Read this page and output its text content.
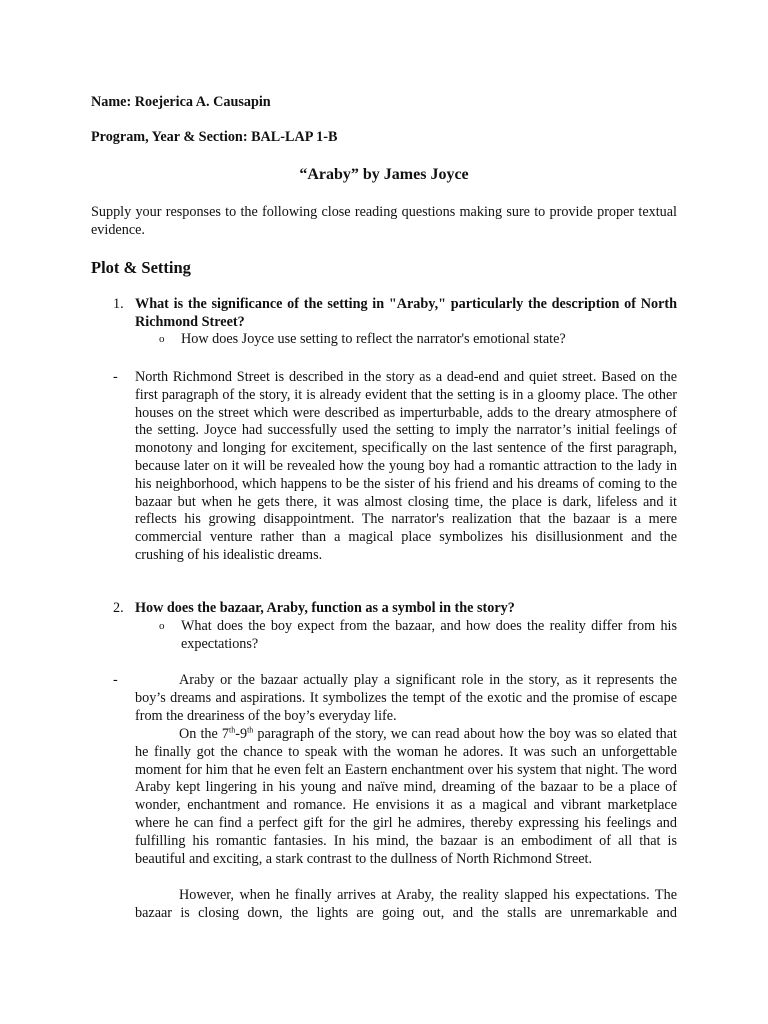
Name: Roejerica A. Causapin

Program, Year & Section: BAL-LAP 1-B

“Araby” by James Joyce

Supply your responses to the following close reading questions making sure to provide proper textual evidence.

Plot & Setting

1. What is the significance of the setting in "Araby," particularly the description of North Richmond Street?

o How does Joyce use setting to reflect the narrator's emotional state?

- North Richmond Street is described in the story as a dead-end and quiet street. Based on the first paragraph of the story, it is already evident that the setting is in a gloomy place. The other houses on the street which were described as imperturbable, adds to the dreary atmosphere of the setting. Joyce had successfully used the setting to imply the narrator’s initial feelings of monotony and longing for excitement, specifically on the last sentence of the first paragraph, because later on it will be revealed how the young boy had a romantic attraction to the lady in his neighborhood, which happens to be the sister of his friend and his dreams of coming to the bazaar but when he gets there, it was almost closing time, the place is dark, lifeless and it reflects his growing disappointment. The narrator's realization that the bazaar is a mere commercial venture rather than a magical place symbolizes his disillusionment and the crushing of his idealistic dreams.

2. How does the bazaar, Araby, function as a symbol in the story?

o What does the boy expect from the bazaar, and how does the reality differ from his expectations?

-	Araby or the bazaar actually play a significant role in the story, as it represents the boy’s dreams and aspirations. It symbolizes the tempt of the exotic and the promise of escape from the dreariness of the boy’s everyday life.

On the 7th-9th paragraph of the story, we can read about how the boy was so elated that he finally got the chance to speak with the woman he adores. It was such an unforgettable moment for him that he even felt an Eastern enchantment over his system that night. The word Araby kept lingering in his young and naïve mind, dreaming of the bazaar to be a place of wonder, enchantment and romance. He envisions it as a magical and vibrant marketplace where he can find a perfect gift for the girl he admires, thereby expressing his feelings and fulfilling his romantic fantasies. In his mind, the bazaar is an embodiment of all that is beautiful and exciting, a stark contrast to the dullness of North Richmond Street.

However, when he finally arrives at Araby, the reality slapped his expectations. The bazaar is closing down, the lights are going out, and the stalls are unremarkable and
